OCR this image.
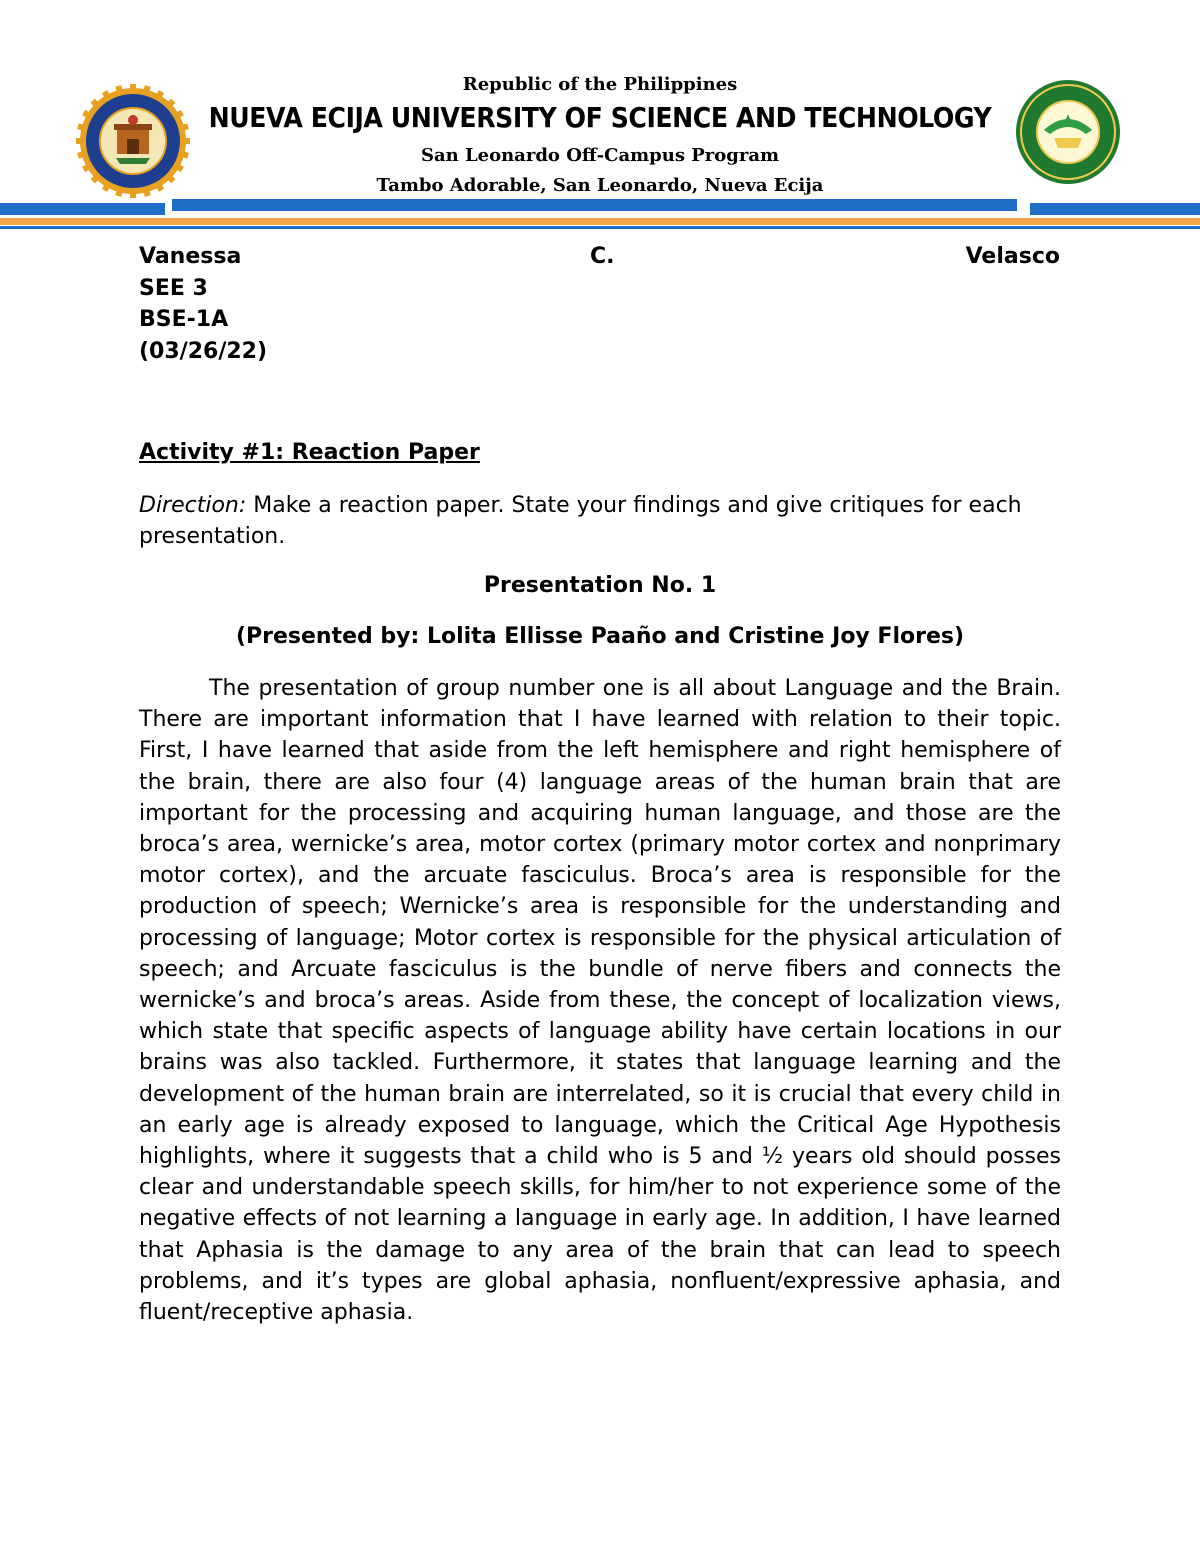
Republic of the Philippines
NUEVA ECIJA UNIVERSITY OF SCIENCE AND TECHNOLOGY
San Leonardo Off-Campus Program
Tambo Adorable, San Leonardo, Nueva Ecija
Vanessa	C.	Velasco
SEE 3
BSE-1A
(03/26/22)
Activity #1: Reaction Paper
Direction: Make a reaction paper. State your findings and give critiques for each presentation.
Presentation No. 1
(Presented by: Lolita Ellisse Paaño and Cristine Joy Flores)

The presentation of group number one is all about Language and the Brain. There are important information that I have learned with relation to their topic. First, I have learned that aside from the left hemisphere and right hemisphere of the brain, there are also four (4) language areas of the human brain that are important for the processing and acquiring human language, and those are the broca’s area, wernicke’s area, motor cortex (primary motor cortex and nonprimary motor cortex), and the arcuate fasciculus. Broca’s area is responsible for the production of speech; Wernicke’s area is responsible for the understanding and processing of language; Motor cortex is responsible for the physical articulation of speech; and Arcuate fasciculus is the bundle of nerve fibers and connects the wernicke’s and broca’s areas. Aside from these, the concept of localization views, which state that specific aspects of language ability have certain locations in our brains was also tackled. Furthermore, it states that language learning and the development of the human brain are interrelated, so it is crucial that every child in an early age is already exposed to language, which the Critical Age Hypothesis highlights, where it suggests that a child who is 5 and ½ years old should posses clear and understandable speech skills, for him/her to not experience some of the negative effects of not learning a language in early age. In addition, I have learned that Aphasia is the damage to any area of the brain that can lead to speech problems, and it’s types are global aphasia, nonfluent/expressive aphasia, and fluent/receptive aphasia.
